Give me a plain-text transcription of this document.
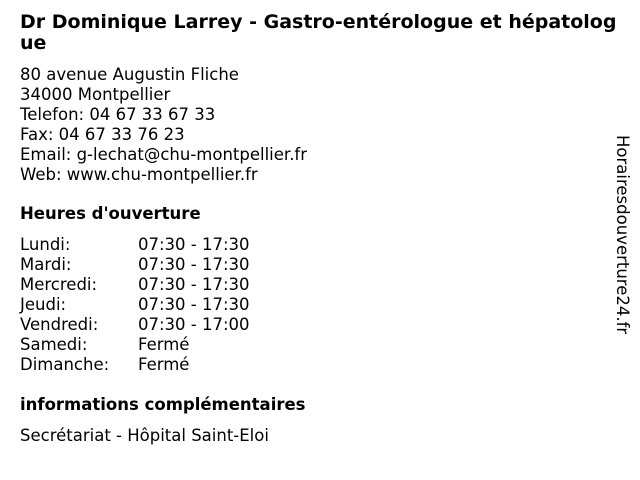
Dr Dominique Larrey - Gastro-entérologue et hépatologue
80 avenue Augustin Fliche
34000 Montpellier
Telefon: 04 67 33 67 33
Fax: 04 67 33 76 23
Email: g-lechat@chu-montpellier.fr
Web: www.chu-montpellier.fr
Heures d'ouverture
Lundi:	07:30 - 17:30
Mardi:	07:30 - 17:30
Mercredi: 07:30 - 17:30
Jeudi:	07:30 - 17:30
Vendredi: 07:30 - 17:00
Samedi:	Fermé
Dimanche: Fermé
informations complémentaires
Secrétariat - Hôpital Saint-Eloi
Horairesdouverture24.fr
